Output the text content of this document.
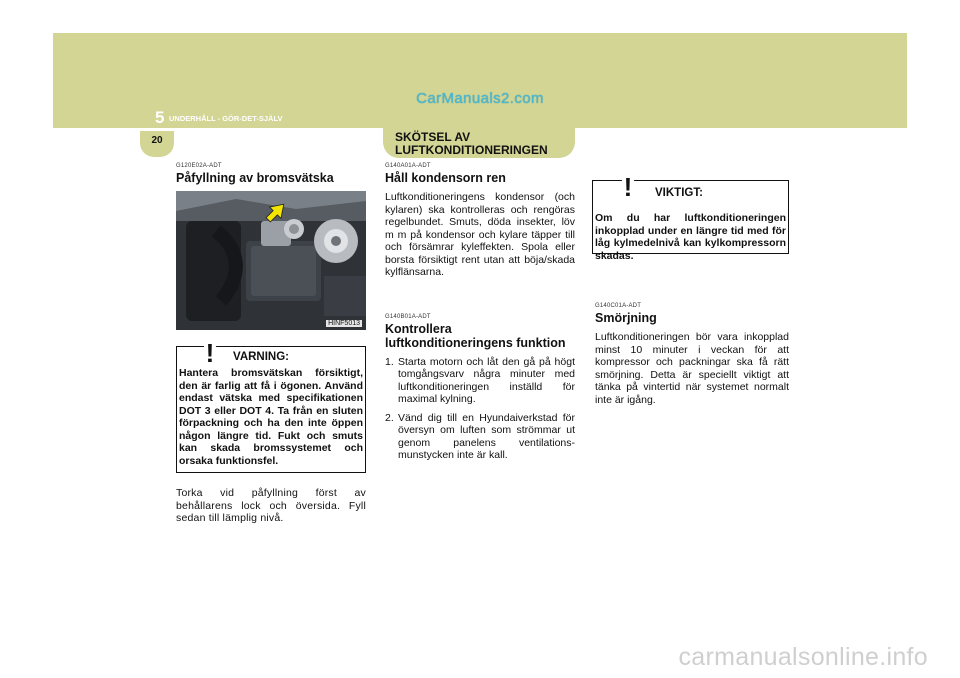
CarManuals2.com
5 UNDERHÅLL - GÖR-DET-SJÄLV
20	SKÖTSEL AV LUFTKONDITIONERINGEN
G120E02A-ADT
Påfyllning av bromsvätska
HINF5013
! VARNING:
Hantera bromsvätskan försiktigt, den är farlig att få i ögonen. Använd endast vätska med specifikationen DOT 3 eller DOT 4. Ta från en sluten förpackning och ha den inte öppen någon längre tid. Fukt och smuts kan skada bromssystemet och orsaka funktionsfel.
Torka vid påfyllning först av behållarens lock och översida. Fyll sedan till lämplig nivå.
G140A01A-ADT
Håll kondensorn ren
Luftkonditioneringens kondensor (och kylaren) ska kontrolleras och rengöras regelbundet. Smuts, döda insekter, löv m m på kondensor och kylare täpper till och försämrar kyleffekten. Spola eller borsta försiktigt rent utan att böja/skada kylflänsarna.
G140B01A-ADT
Kontrollera luftkonditioneringens funktion
1. Starta motorn och låt den gå på högt tomgångsvarv några minuter med luftkonditioneringen inställd för maximal kylning.
2. Vänd dig till en Hyundaiverkstad för översyn om luften som strömmar ut genom panelens ventilations-munstycken inte är kall.
! VIKTIGT:
Om du har luftkonditioneringen inkopplad under en längre tid med för låg kylmedelnivå kan kylkompressorn skadas.
G140C01A-ADT
Smörjning
Luftkonditioneringen bör vara inkopplad minst 10 minuter i veckan för att kompressor och packningar ska få rätt smörjning. Detta är speciellt viktigt att tänka på vintertid när systemet normalt inte är igång.
carmanualsonline.info
